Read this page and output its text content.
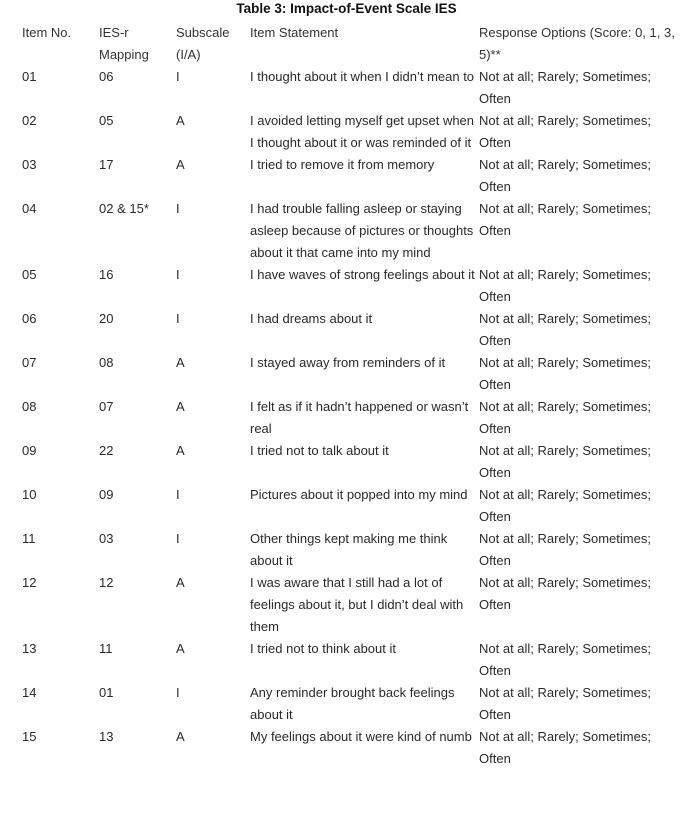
Table 3: Impact-of-Event Scale IES
Item No.	IES-r Mapping	Subscale (I/A)	Item Statement	Response Options (Score: 0, 1, 3, 5)**
01	06	I	I thought about it when I didn’t mean to	Not at all; Rarely; Sometimes; Often
02	05	A	I avoided letting myself get upset when I thought about it or was reminded of it	Not at all; Rarely; Sometimes; Often
03	17	A	I tried to remove it from memory	Not at all; Rarely; Sometimes; Often
04	02 & 15*	I	I had trouble falling asleep or staying asleep because of pictures or thoughts about it that came into my mind	Not at all; Rarely; Sometimes; Often
05	16	I	I have waves of strong feelings about it	Not at all; Rarely; Sometimes; Often
06	20	I	I had dreams about it	Not at all; Rarely; Sometimes; Often
07	08	A	I stayed away from reminders of it	Not at all; Rarely; Sometimes; Often
08	07	A	I felt as if it hadn’t happened or wasn’t real	Not at all; Rarely; Sometimes; Often
09	22	A	I tried not to talk about it	Not at all; Rarely; Sometimes; Often
10	09	I	Pictures about it popped into my mind	Not at all; Rarely; Sometimes; Often
11	03	I	Other things kept making me think about it	Not at all; Rarely; Sometimes; Often
12	12	A	I was aware that I still had a lot of feelings about it, but I didn’t deal with them	Not at all; Rarely; Sometimes; Often
13	11	A	I tried not to think about it	Not at all; Rarely; Sometimes; Often
14	01	I	Any reminder brought back feelings about it	Not at all; Rarely; Sometimes; Often
15	13	A	My feelings about it were kind of numb	Not at all; Rarely; Sometimes; Often
